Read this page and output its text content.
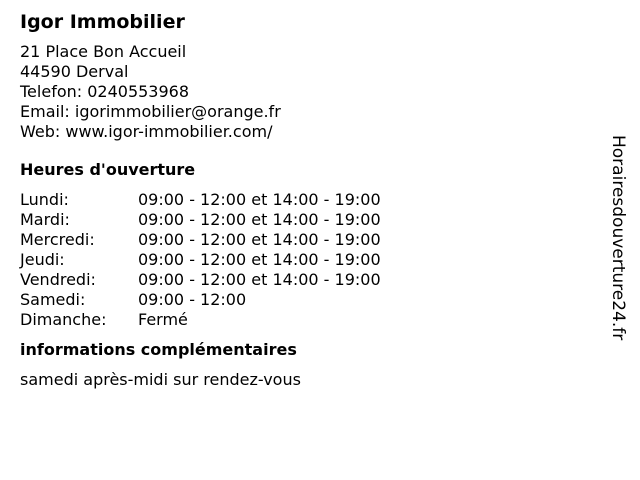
Igor Immobilier
21 Place Bon Accueil
44590 Derval
Telefon: 0240553968
Email: igorimmobilier@orange.fr
Web: www.igor-immobilier.com/
Heures d'ouverture
Lundi:	09:00 - 12:00 et 14:00 - 19:00
Mardi:	09:00 - 12:00 et 14:00 - 19:00
Mercredi:	09:00 - 12:00 et 14:00 - 19:00
Jeudi:	09:00 - 12:00 et 14:00 - 19:00
Vendredi:	09:00 - 12:00 et 14:00 - 19:00
Samedi:	09:00 - 12:00
Dimanche:	Fermé
informations complémentaires
samedi après-midi sur rendez-vous
Horairesdouverture24.fr
